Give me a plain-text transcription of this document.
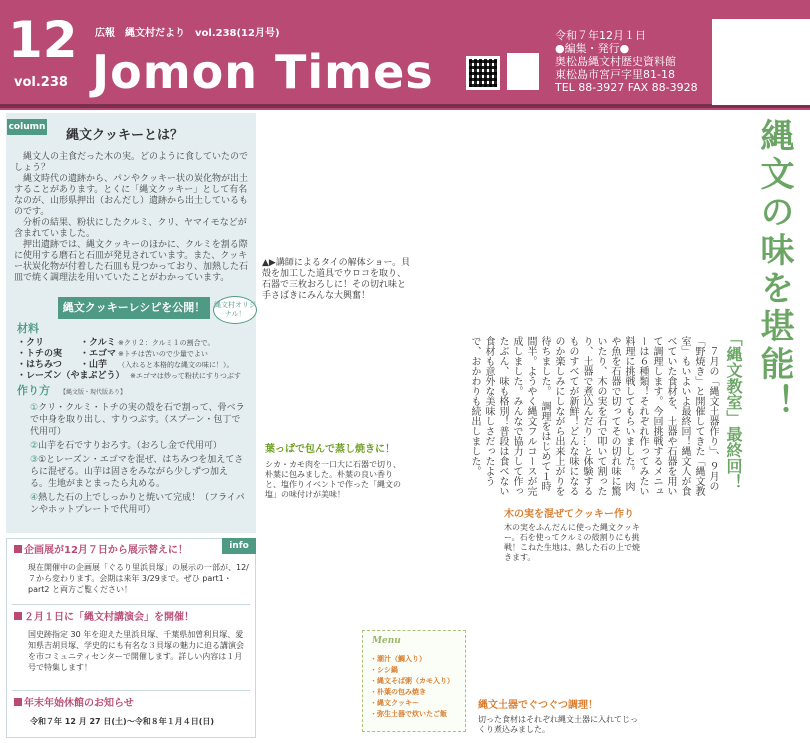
12
vol.238
広報　縄文村だより　vol.238(12月号)
Jomon Times
令和７年12月１日
●編集・発行●
奥松島縄文村歴史資料館
東松島市宮戸字里81-18
TEL 88-3927 FAX 88-3928
column
縄文クッキーとは？

　縄文人の主食だった木の実。どのように食していたのでしょう？

　縄文時代の遺跡から、パンやクッキー状の炭化物が出土することがあります。とくに「縄文クッキー」として有名なのが、山形県押出（おんだし）遺跡から出土しているものです。

　分析の結果、粉状にしたクルミ、クリ、ヤマイモなどが含まれていました。

　押出遺跡では、縄文クッキーのほかに、クルミを割る際に使用する磨石と石皿が発見されています。また、クッキー状炭化物が付着した石皿も見つかっており、加熱した石皿で焼く調理法を用いていたことがわかっています。

縄文クッキーレシピを公開！	縄文村オリジナル！
材料
・クリ	・クルミ ※クリ２：クルミ１の割合で。
・トチの実 ・エゴマ ※トチは苦いので少量でよい
・はちみつ ・山芋 （入れると本格的な縄文の味に！）。
・レーズン（やまぶどう） ※エゴマは炒って粉状にすりつぶす
作り方 【縄文版・現代版あり】
①クリ・クルミ・トチの実の殻を石で割って、骨ベラで中身を取り出し、すりつぶす。（スプーン・包丁で代用可）
②山芋を石ですりおろす。（おろし金で代用可）
③①とレーズン・エゴマを混ぜ、はちみつを加えてさらに混ぜる。山芋は固さをみながら少しずつ加える。生地がまとまったら丸める。
④熱した石の上でしっかりと焼いて完成！（フライパンやホットプレートで代用可）
▲▶講師によるタイの解体ショー。貝殻を加工した道具でウロコを取り、石器で三枚おろしに！その切れ味と手さばきにみんな大興奮！
葉っぱで包んで蒸し焼きに！
シカ・カモ肉を一口大に石器で切り、朴葉に包みました。朴葉の良い香りと、塩作りイベントで作った「縄文の塩」の味付けが美味！
木の実を混ぜてクッキー作り
木の実をふんだんに使った縄文クッキー。石を使ってクルミの殻割りにも挑戦！こねた生地は、熱した石の上で焼きます。
縄文土器でぐつぐつ調理！
切った食材はそれぞれ縄文土器に入れてじっくり煮込みました。
縄文の味を堪能！
「縄文教室」最終回！
　７月の「縄文土器作り」、９月の「野焼き」と開催してきた「縄文教室」もいよいよ最終回！縄文人が食べていた食材を、土器や石器を用いて調理します。今回挑戦するメニューは６種類！それぞれ作ってみたい料理に挑戦してもらいました。　肉や魚を石器で切ってその切れ味に驚いたり、木の実を石で叩いて割ったり、土器で煮込んだり…と体験するものすべてが新鮮！どんな味になるのか楽しみにしながら出来上がりを待ちました。　調理をはじめて１時間半。ようやく縄文フルコースが完成しました。みんなで協力して作ったぶん、味も格別！普段は食べない食材も意外な美味しさだったようで、おかわりも続出しました。
Menu
・潮汁（鯛入り）
・シシ鍋
・縄文そば粥（カモ入り）
・朴葉の包み焼き
・縄文クッキー
・弥生土器で炊いたご飯
info
企画展が12月７日から展示替えに！
現在開催中の企画展「ぐるり里浜貝塚」の展示の一部が、12/７から変わります。会期は来年 3/29まで。ぜひ part1・part2 と両方ご覧ください！
２月１日に「縄文村講演会」を開催！
国史跡指定 30 年を迎えた里浜貝塚、千葉県加曽利貝塚、愛知県吉胡貝塚、学史的にも有名な３貝塚の魅力に迫る講演会を市コミュニティセンターで開催します。詳しい内容は１月号で特集します！
年末年始休館のお知らせ
令和７年 12 月 27 日(土)～令和８年１月４日(日)
